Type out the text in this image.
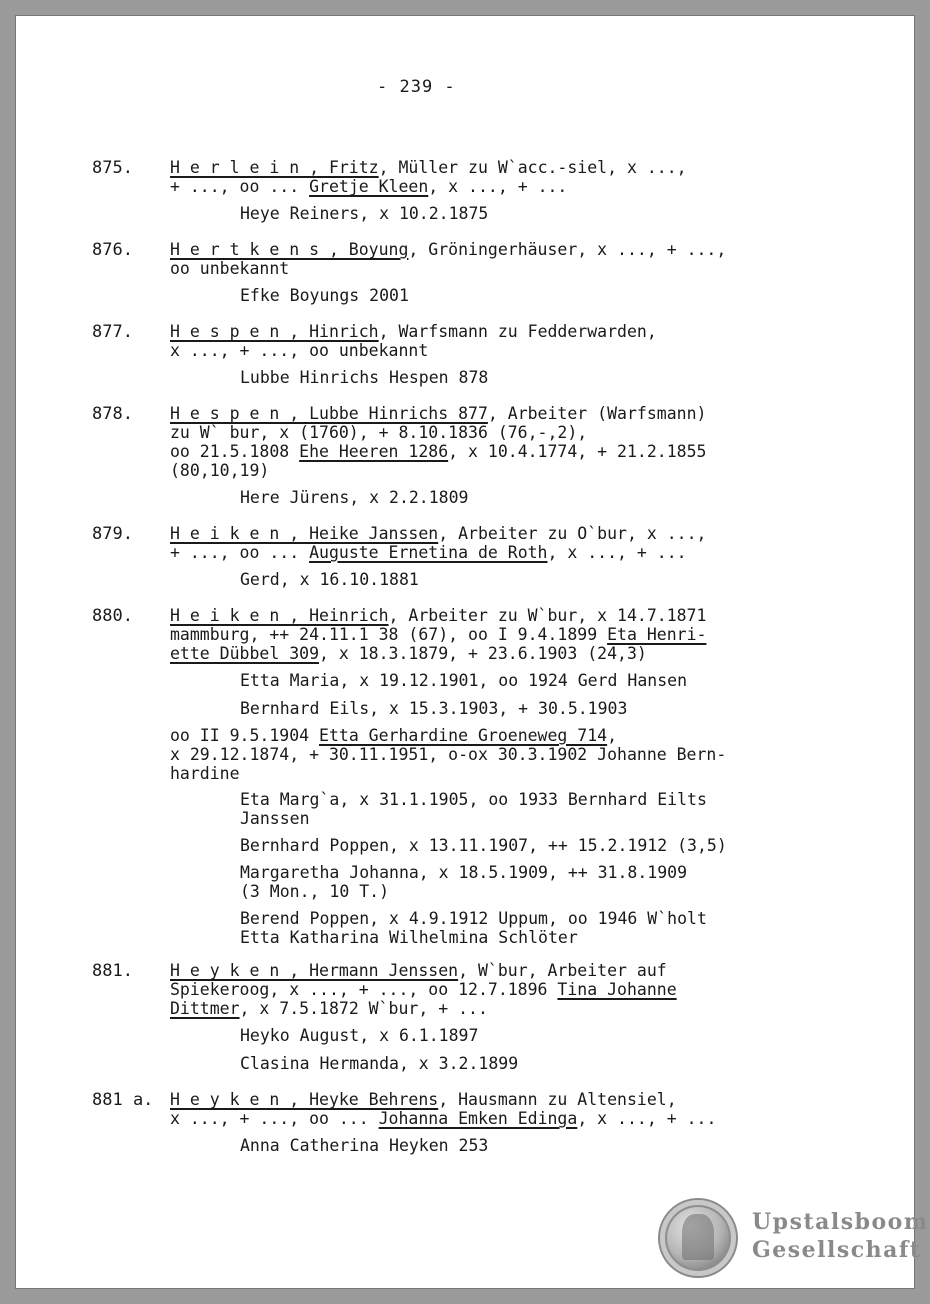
- 239 -
875. H e r l e i n , Fritz, Müller zu W`acc.-siel, x ...,
+ ..., oo ... Gretje Kleen, x ..., + ...
Heye Reiners, x 10.2.1875
876. H e r t k e n s , Boyung, Gröningerhäuser, x ..., + ...,
oo unbekannt
Efke Boyungs 2001
877. H e s p e n , Hinrich, Warfsmann zu Fedderwarden,
x ..., + ..., oo unbekannt
Lubbe Hinrichs Hespen 878
878. H e s p e n , Lubbe Hinrichs 877, Arbeiter (Warfsmann)
zu W` bur, x (1760), + 8.10.1836 (76,-,2),
oo 21.5.1808 Ehe Heeren 1286, x 10.4.1774, + 21.2.1855
(80,10,19)
Here Jürens, x 2.2.1809
879. H e i k e n , Heike Janssen, Arbeiter zu O`bur, x ...,
+ ..., oo ... Auguste Ernetina de Roth, x ..., + ...
Gerd, x 16.10.1881
880. H e i k e n , Heinrich, Arbeiter zu W`bur, x 14.7.1871
mammburg, ++ 24.11.1 38 (67), oo I 9.4.1899 Eta Henri-
ette Dübbel 309, x 18.3.1879, + 23.6.1903 (24,3)
Etta Maria, x 19.12.1901, oo 1924 Gerd Hansen
Bernhard Eils, x 15.3.1903, + 30.5.1903
oo II 9.5.1904 Etta Gerhardine Groeneweg 714,
x 29.12.1874, + 30.11.1951, o-ox 30.3.1902 Johanne Bern-
hardine
Eta Marg`a, x 31.1.1905, oo 1933 Bernhard Eilts
Janssen
Bernhard Poppen, x 13.11.1907, ++ 15.2.1912 (3,5)
Margaretha Johanna, x 18.5.1909, ++ 31.8.1909
(3 Mon., 10 T.)
Berend Poppen, x 4.9.1912 Uppum, oo 1946 W`holt
Etta Katharina Wilhelmina Schlöter
881. H e y k e n , Hermann Jenssen, W`bur, Arbeiter auf
Spiekeroog, x ..., + ..., oo 12.7.1896 Tina Johanne
Dittmer, x 7.5.1872 W`bur, + ...
Heyko August, x 6.1.1897
Clasina Hermanda, x 3.2.1899
881 a. H e y k e n , Heyke Behrens, Hausmann zu Altensiel,
x ..., + ..., oo ... Johanna Emken Edinga, x ..., + ...
Anna Catherina Heyken 253
Upstalsboom
Gesellschaft
